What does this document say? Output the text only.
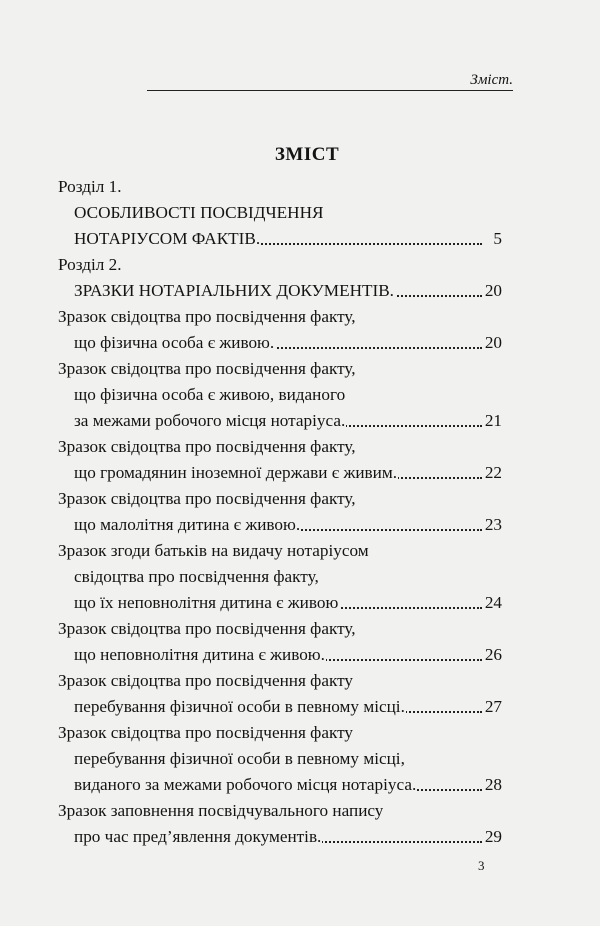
Зміст.
ЗМІСТ
Розділ 1.
ОСОБЛИВОСТІ ПОСВІДЧЕННЯ
НОТАРІУСОМ ФАКТІВ.	5
Розділ 2.
ЗРАЗКИ НОТАРІАЛЬНИХ ДОКУМЕНТІВ.	20
Зразок свідоцтва про посвідчення факту,
що фізична особа є живою.	20
Зразок свідоцтва про посвідчення факту,
що фізична особа є живою, виданого
за межами робочого місця нотаріуса.	21
Зразок свідоцтва про посвідчення факту,
що громадянин іноземної держави є живим.	22
Зразок свідоцтва про посвідчення факту,
що малолітня дитина є живою.	23
Зразок згоди батьків на видачу нотаріусом
свідоцтва про посвідчення факту,
що їх неповнолітня дитина є живою	24
Зразок свідоцтва про посвідчення факту,
що неповнолітня дитина є живою.	26
Зразок свідоцтва про посвідчення факту
перебування фізичної особи в певному місці.	27
Зразок свідоцтва про посвідчення факту
перебування фізичної особи в певному місці,
виданого за межами робочого місця нотаріуса.	28
Зразок заповнення посвідчувального напису
про час пред’явлення документів.	29
3
